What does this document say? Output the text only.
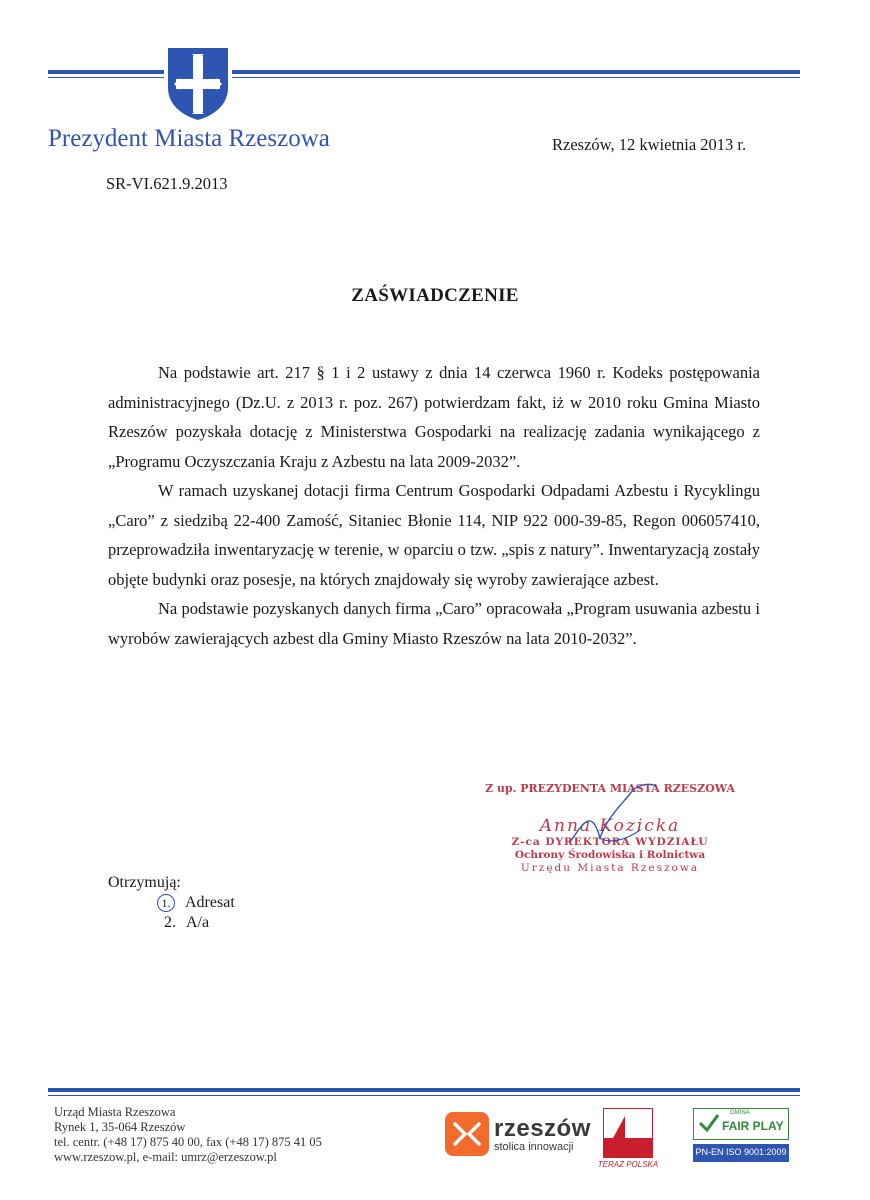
Prezydent Miasta Rzeszowa	Rzeszów, 12 kwietnia 2013 r.
SR-VI.621.9.2013
ZAŚWIADCZENIE

Na podstawie art. 217 § 1 i 2 ustawy z dnia 14 czerwca 1960 r. Kodeks postępowania administracyjnego (Dz.U. z 2013 r. poz. 267) potwierdzam fakt, iż w 2010 roku Gmina Miasto Rzeszów pozyskała dotację z Ministerstwa Gospodarki na realizację zadania wynikającego z „Programu Oczyszczania Kraju z Azbestu na lata 2009-2032”.

W ramach uzyskanej dotacji firma Centrum Gospodarki Odpadami Azbestu i Rycyklingu „Caro” z siedzibą 22-400 Zamość, Sitaniec Błonie 114, NIP 922 000-39-85, Regon 006057410, przeprowadziła inwentaryzację w terenie, w oparciu o tzw. „spis z natury”. Inwentaryzacją zostały objęte budynki oraz posesje, na których znajdowały się wyroby zawierające azbest.

Na podstawie pozyskanych danych firma „Caro” opracowała „Program usuwania azbestu i wyrobów zawierających azbest dla Gminy Miasto Rzeszów na lata 2010-2032”.

Z up. PREZYDENTA MIASTA RZESZOWA
Anna Kozicka
Z-ca DYREKTORA WYDZIAŁU
Ochrony Środowiska i Rolnictwa
Urzędu Miasta Rzeszowa
Otrzymują:
1. Adresat
2. A/a
Urząd Miasta Rzeszowa
Rynek 1, 35-064 Rzeszów
tel. centr. (+48 17) 875 40 00, fax (+48 17) 875 41 05
www.rzeszow.pl, e-mail: umrz@erzeszow.pl
rzeszów
stolica innowacji
TERAZ POLSKA
GMINA
FAIR PLAY
PN-EN ISO 9001:2009
